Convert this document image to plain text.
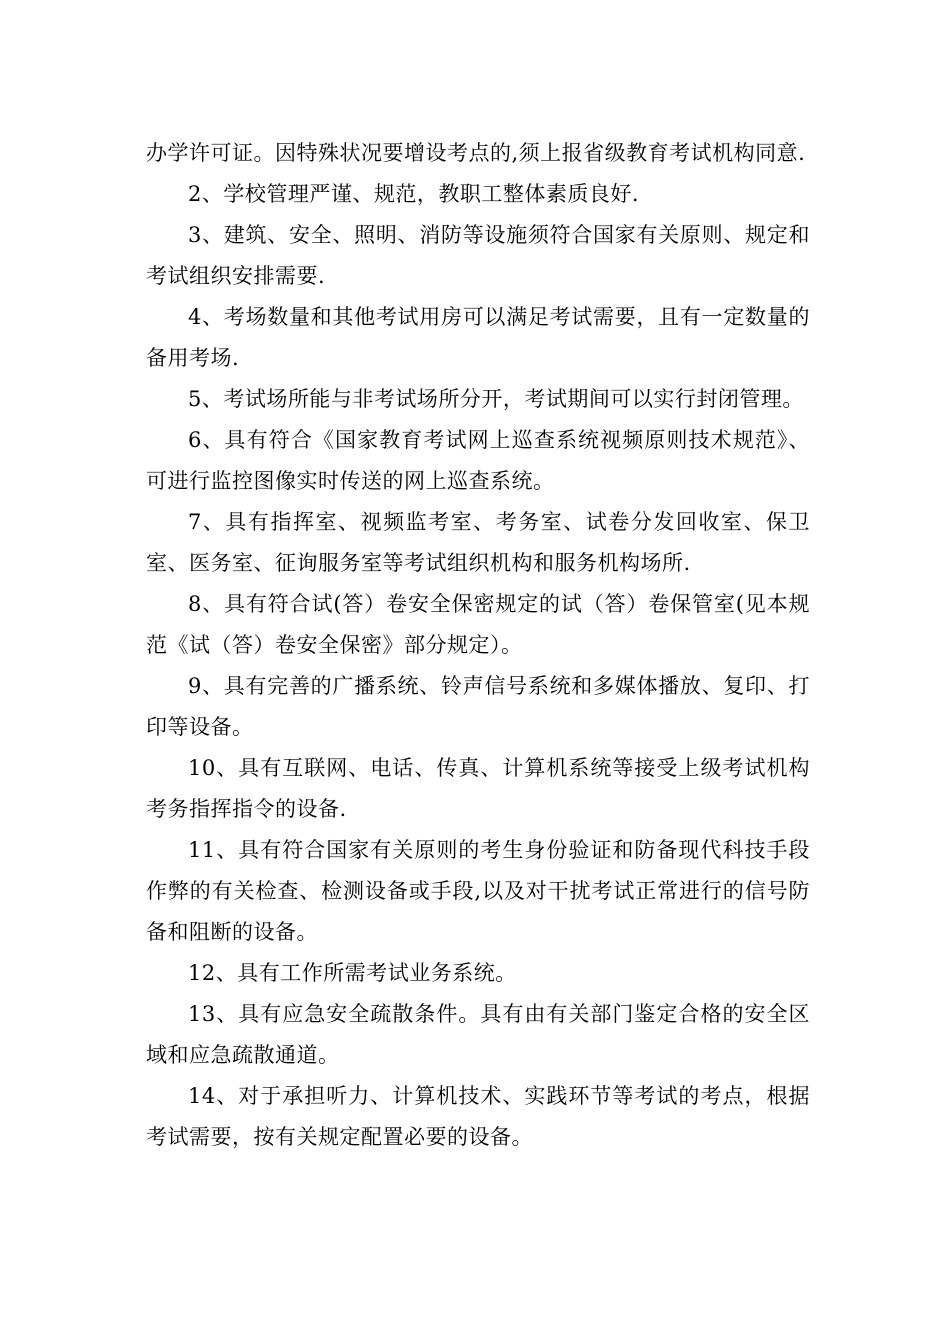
办学许可证。因特殊状况要增设考点的,须上报省级教育考试机构同意.

2、学校管理严谨、规范，教职工整体素质良好.

3、建筑、安全、照明、消防等设施须符合国家有关原则、规定和考试组织安排需要.

4、考场数量和其他考试用房可以满足考试需要，且有一定数量的备用考场.

5、考试场所能与非考试场所分开，考试期间可以实行封闭管理。

6、具有符合《国家教育考试网上巡查系统视频原则技术规范》、可进行监控图像实时传送的网上巡查系统。

7、具有指挥室、视频监考室、考务室、试卷分发回收室、保卫室、医务室、征询服务室等考试组织机构和服务机构场所.

8、具有符合试(答）卷安全保密规定的试（答）卷保管室(见本规范《试（答）卷安全保密》部分规定）。

9、具有完善的广播系统、铃声信号系统和多媒体播放、复印、打印等设备。

10、具有互联网、电话、传真、计算机系统等接受上级考试机构考务指挥指令的设备.

11、具有符合国家有关原则的考生身份验证和防备现代科技手段作弊的有关检查、检测设备或手段,以及对干扰考试正常进行的信号防备和阻断的设备。

12、具有工作所需考试业务系统。

13、具有应急安全疏散条件。具有由有关部门鉴定合格的安全区域和应急疏散通道。

14、对于承担听力、计算机技术、实践环节等考试的考点，根据考试需要，按有关规定配置必要的设备。
